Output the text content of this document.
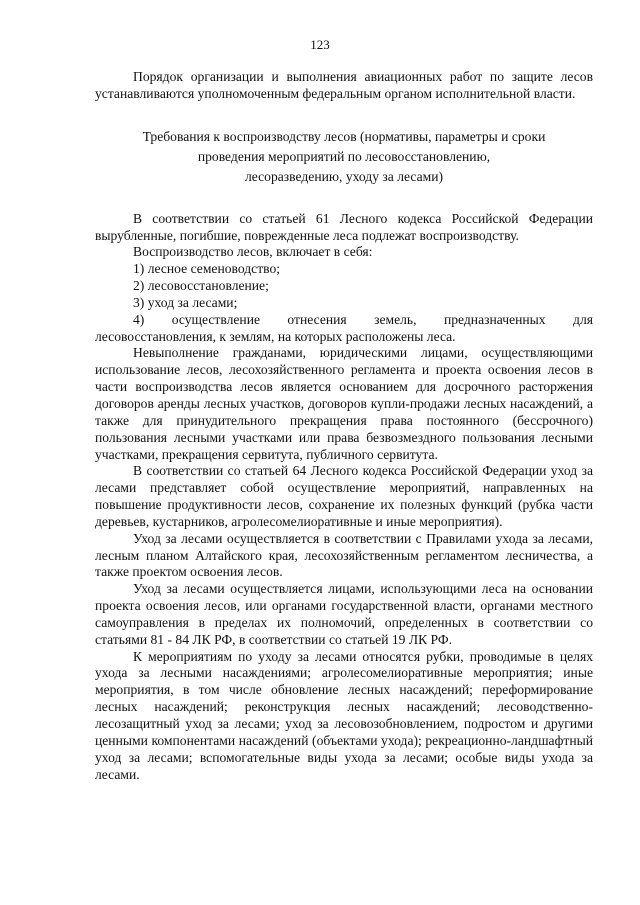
123

Порядок организации и выполнения авиационных работ по защите лесов устанавливаются уполномоченным федеральным органом исполнительной власти.

Требования к воспроизводству лесов (нормативы, параметры и сроки
проведения мероприятий по лесовосстановлению,
лесоразведению, уходу за лесами)

В соответствии со статьей 61 Лесного кодекса Российской Федерации вырубленные, погибшие, поврежденные леса подлежат воспроизводству.

Воспроизводство лесов, включает в себя:

1) лесное семеноводство;
2) лесовосстановление;
3) уход за лесами;
4) осуществление отнесения земель, предназначенных для лесовосстановления, к землям, на которых расположены леса.

Невыполнение гражданами, юридическими лицами, осуществляющими использование лесов, лесохозяйственного регламента и проекта освоения лесов в части воспроизводства лесов является основанием для досрочного расторжения договоров аренды лесных участков, договоров купли-продажи лесных насаждений, а также для принудительного прекращения права постоянного (бессрочного) пользования лесными участками или права безвозмездного пользования лесными участками, прекращения сервитута, публичного сервитута.

В соответствии со статьей 64 Лесного кодекса Российской Федерации уход за лесами представляет собой осуществление мероприятий, направленных на повышение продуктивности лесов, сохранение их полезных функций (рубка части деревьев, кустарников, агролесомелиоративные и иные мероприятия).

Уход за лесами осуществляется в соответствии с Правилами ухода за лесами, лесным планом Алтайского края, лесохозяйственным регламентом лесничества, а также проектом освоения лесов.

Уход за лесами осуществляется лицами, использующими леса на основании проекта освоения лесов, или органами государственной власти, органами местного самоуправления в пределах их полномочий, определенных в соответствии со статьями 81 - 84 ЛК РФ, в соответствии со статьей 19 ЛК РФ.

К мероприятиям по уходу за лесами относятся рубки, проводимые в целях ухода за лесными насаждениями; агролесомелиоративные мероприятия; иные мероприятия, в том числе обновление лесных насаждений; переформирование лесных насаждений; реконструкция лесных насаждений; лесоводственно-лесозащитный уход за лесами; уход за лесовозобновлением, подростом и другими ценными компонентами насаждений (объектами ухода); рекреационно-ландшафтный уход за лесами; вспомогательные виды ухода за лесами; особые виды ухода за лесами.
